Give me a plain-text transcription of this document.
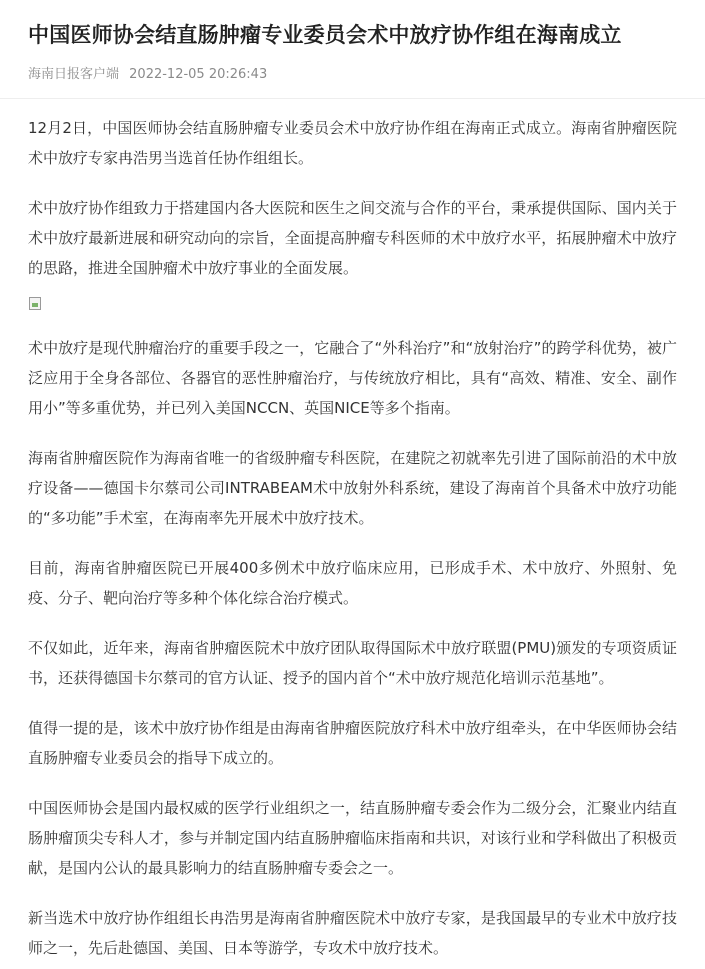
中国医师协会结直肠肿瘤专业委员会术中放疗协作组在海南成立
海南日报客户端 2022-12-05 20:26:43

12月2日，中国医师协会结直肠肿瘤专业委员会术中放疗协作组在海南正式成立。海南省肿瘤医院术中放疗专家冉浩男当选首任协作组组长。

术中放疗协作组致力于搭建国内各大医院和医生之间交流与合作的平台，秉承提供国际、国内关于术中放疗最新进展和研究动向的宗旨，全面提高肿瘤专科医师的术中放疗水平，拓展肿瘤术中放疗的思路，推进全国肿瘤术中放疗事业的全面发展。

术中放疗是现代肿瘤治疗的重要手段之一，它融合了“外科治疗”和“放射治疗”的跨学科优势，被广泛应用于全身各部位、各器官的恶性肿瘤治疗，与传统放疗相比，具有“高效、精准、安全、副作用小”等多重优势，并已列入美国NCCN、英国NICE等多个指南。

海南省肿瘤医院作为海南省唯一的省级肿瘤专科医院，在建院之初就率先引进了国际前沿的术中放疗设备——德国卡尔蔡司公司INTRABEAM术中放射外科系统，建设了海南首个具备术中放疗功能的“多功能”手术室，在海南率先开展术中放疗技术。

目前，海南省肿瘤医院已开展400多例术中放疗临床应用，已形成手术、术中放疗、外照射、免疫、分子、靶向治疗等多种个体化综合治疗模式。

不仅如此，近年来，海南省肿瘤医院术中放疗团队取得国际术中放疗联盟(PMU)颁发的专项资质证书，还获得德国卡尔蔡司的官方认证、授予的国内首个“术中放疗规范化培训示范基地”。

值得一提的是，该术中放疗协作组是由海南省肿瘤医院放疗科术中放疗组牵头，在中华医师协会结直肠肿瘤专业委员会的指导下成立的。

中国医师协会是国内最权威的医学行业组织之一，结直肠肿瘤专委会作为二级分会，汇聚业内结直肠肿瘤顶尖专科人才，参与并制定国内结直肠肿瘤临床指南和共识，对该行业和学科做出了积极贡献，是国内公认的最具影响力的结直肠肿瘤专委会之一。

新当选术中放疗协作组组长冉浩男是海南省肿瘤医院术中放疗专家，是我国最早的专业术中放疗技师之一，先后赴德国、美国、日本等游学，专攻术中放疗技术。
